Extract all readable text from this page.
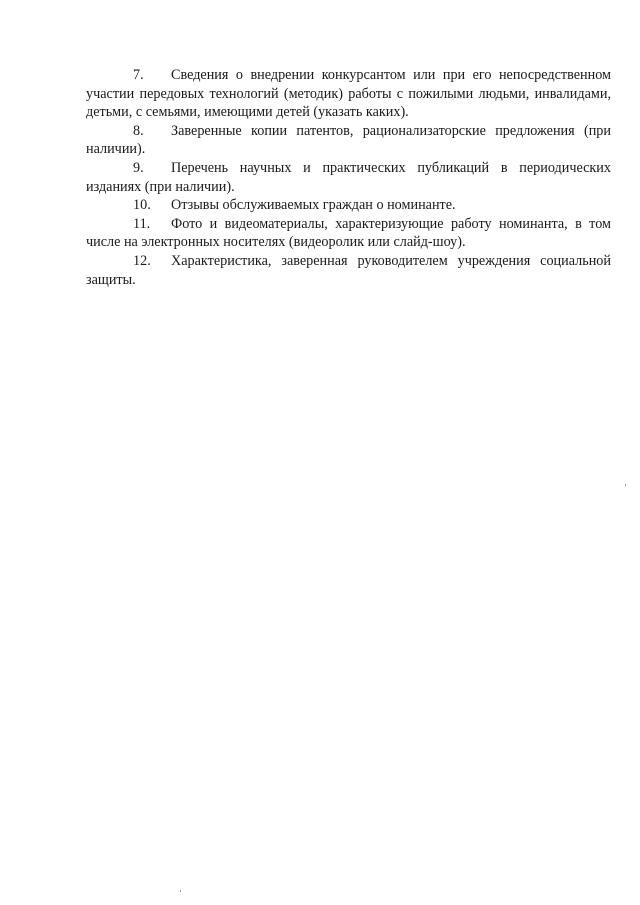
7. Сведения о внедрении конкурсантом или при его непосредственном участии передовых технологий (методик) работы с пожилыми людьми, инвалидами, детьми, с семьями, имеющими детей (указать каких).

8. Заверенные копии патентов, рационализаторские предложения (при наличии).

9. Перечень научных и практических публикаций в периодических изданиях (при наличии).

10. Отзывы обслуживаемых граждан о номинанте.

11. Фото и видеоматериалы, характеризующие работу номинанта, в том числе на электронных носителях (видеоролик или слайд-шоу).

12. Характеристика, заверенная руководителем учреждения социальной защиты.
